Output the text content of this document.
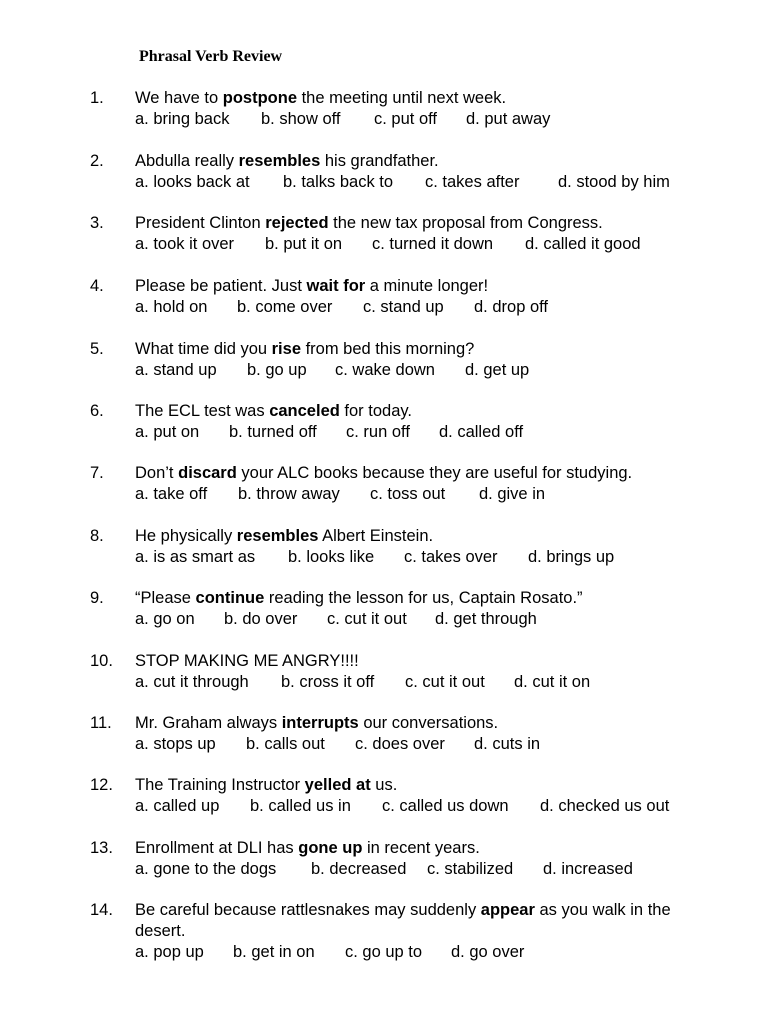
Phrasal Verb Review
1. We have to postpone the meeting until next week.
a. bring back b. show off c. put off d. put away
2. Abdulla really resembles his grandfather.
a. looks back at b. talks back to c. takes after d. stood by him
3. President Clinton rejected the new tax proposal from Congress.
a. took it over b. put it on c. turned it down d. called it good
4. Please be patient. Just wait for a minute longer!
a. hold on b. come over c. stand up d. drop off
5. What time did you rise from bed this morning?
a. stand up b. go up c. wake down d. get up
6. The ECL test was canceled for today.
a. put on b. turned off c. run off d. called off
7. Don’t discard your ALC books because they are useful for studying.
a. take off b. throw away c. toss out d. give in
8. He physically resembles Albert Einstein.
a. is as smart as b. looks like c. takes over d. brings up
9. “Please continue reading the lesson for us, Captain Rosato.”
a. go on b. do over c. cut it out d. get through
10. STOP MAKING ME ANGRY!!!!
a. cut it through b. cross it off c. cut it out d. cut it on
11. Mr. Graham always interrupts our conversations.
a. stops up b. calls out c. does over d. cuts in
12. The Training Instructor yelled at us.
a. called up b. called us in c. called us down d. checked us out
13. Enrollment at DLI has gone up in recent years.
a. gone to the dogs b. decreased c. stabilized d. increased
14. Be careful because rattlesnakes may suddenly appear as you walk in the desert.
a. pop up b. get in on c. go up to d. go over
